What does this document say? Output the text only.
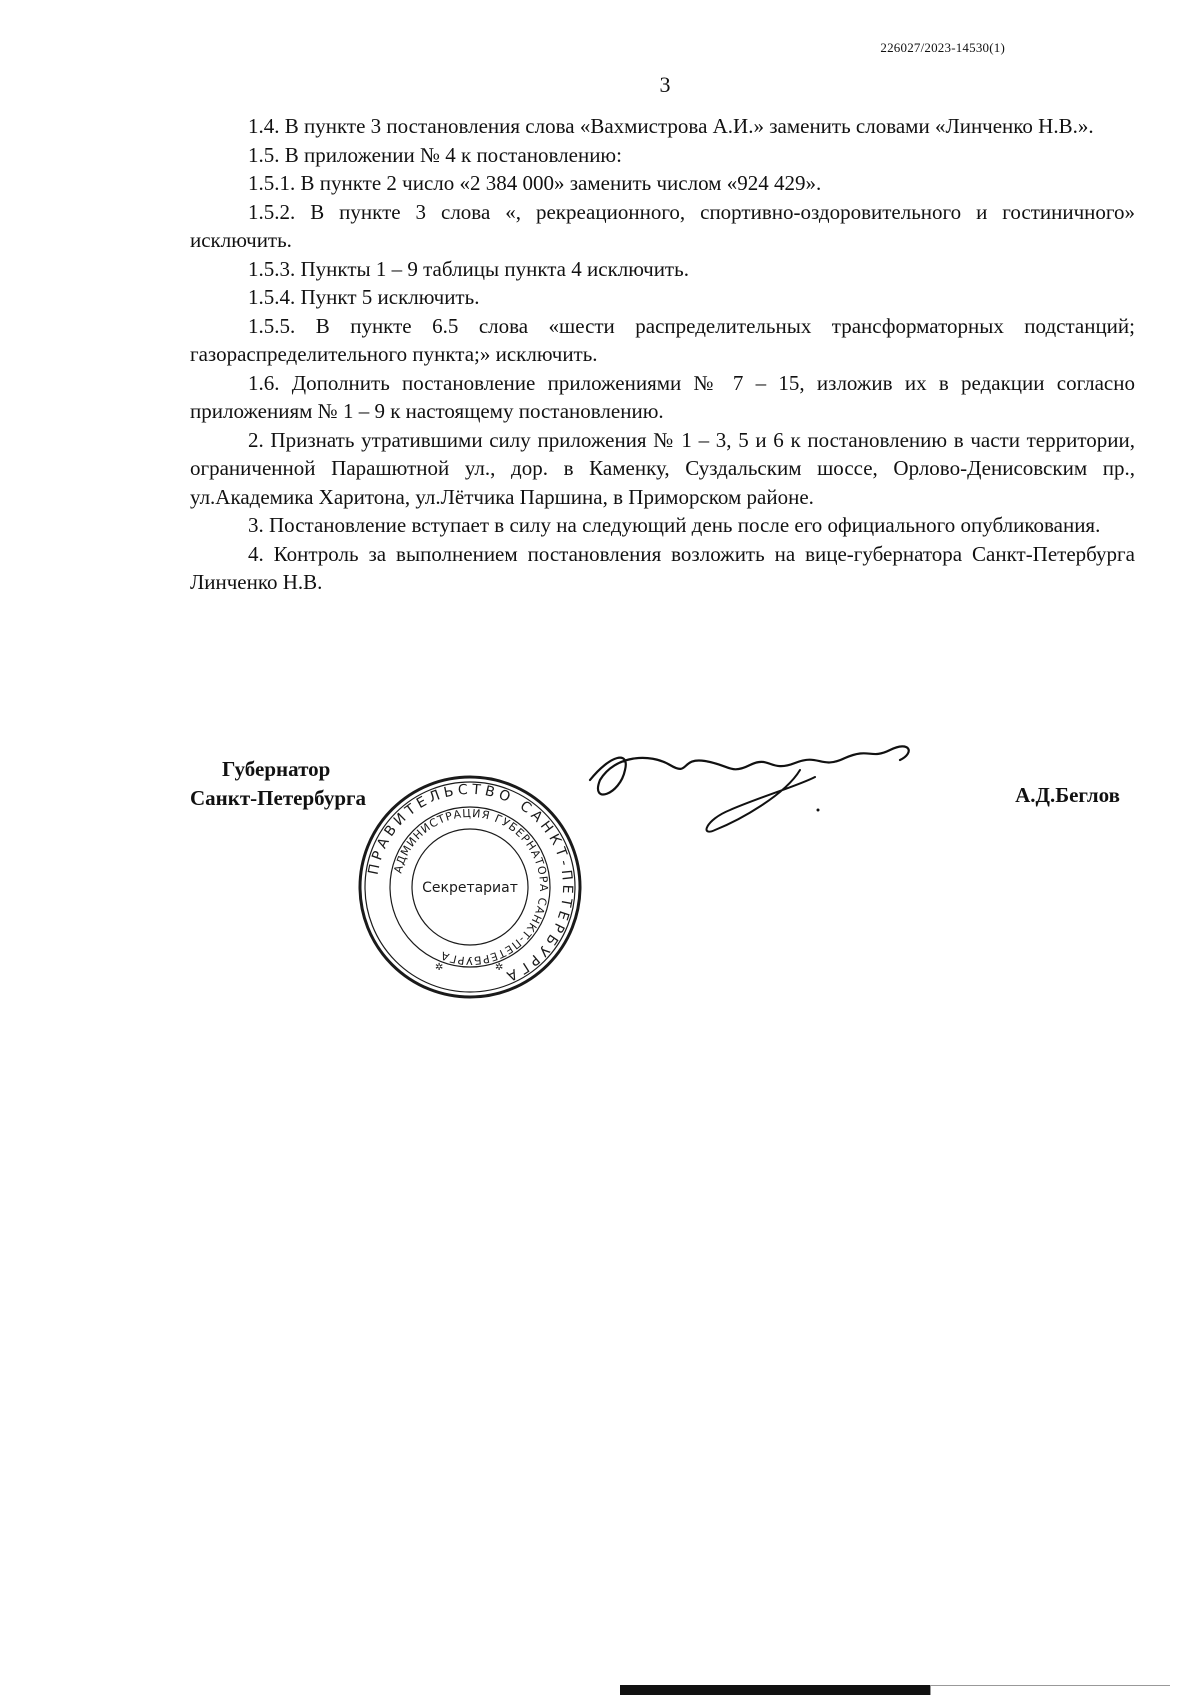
226027/2023-14530(1)
3

1.4. В пункте 3 постановления слова «Вахмистрова А.И.» заменить словами «Линченко Н.В.».

1.5. В приложении № 4 к постановлению:

1.5.1. В пункте 2 число «2 384 000» заменить числом «924 429».

1.5.2. В пункте 3 слова «, рекреационного, спортивно-оздоровительного и гостиничного» исключить.

1.5.3. Пункты 1 – 9 таблицы пункта 4 исключить.

1.5.4. Пункт 5 исключить.

1.5.5. В пункте 6.5 слова «шести распределительных трансформаторных подстанций; газораспределительного пункта;» исключить.

1.6. Дополнить постановление приложениями № 7 – 15, изложив их в редакции согласно приложениям № 1 – 9 к настоящему постановлению.

2. Признать утратившими силу приложения № 1 – 3, 5 и 6 к постановлению в части территории, ограниченной Парашютной ул., дор. в Каменку, Суздальским шоссе, Орлово-Денисовским пр., ул.Академика Харитона, ул.Лётчика Паршина, в Приморском районе.

3. Постановление вступает в силу на следующий день после его официального опубликования.

4. Контроль за выполнением постановления возложить на вице-губернатора Санкт-Петербурга Линченко Н.В.

Губернатор
Санкт-Петербурга	А.Д.Беглов
ПРАВИТЕЛЬСТВО САНКТ-ПЕТЕРБУРГА
АДМИНИСТРАЦИЯ ГУБЕРНАТОРА САНКТ-ПЕТЕРБУРГА
Секретариат
✲	✲
